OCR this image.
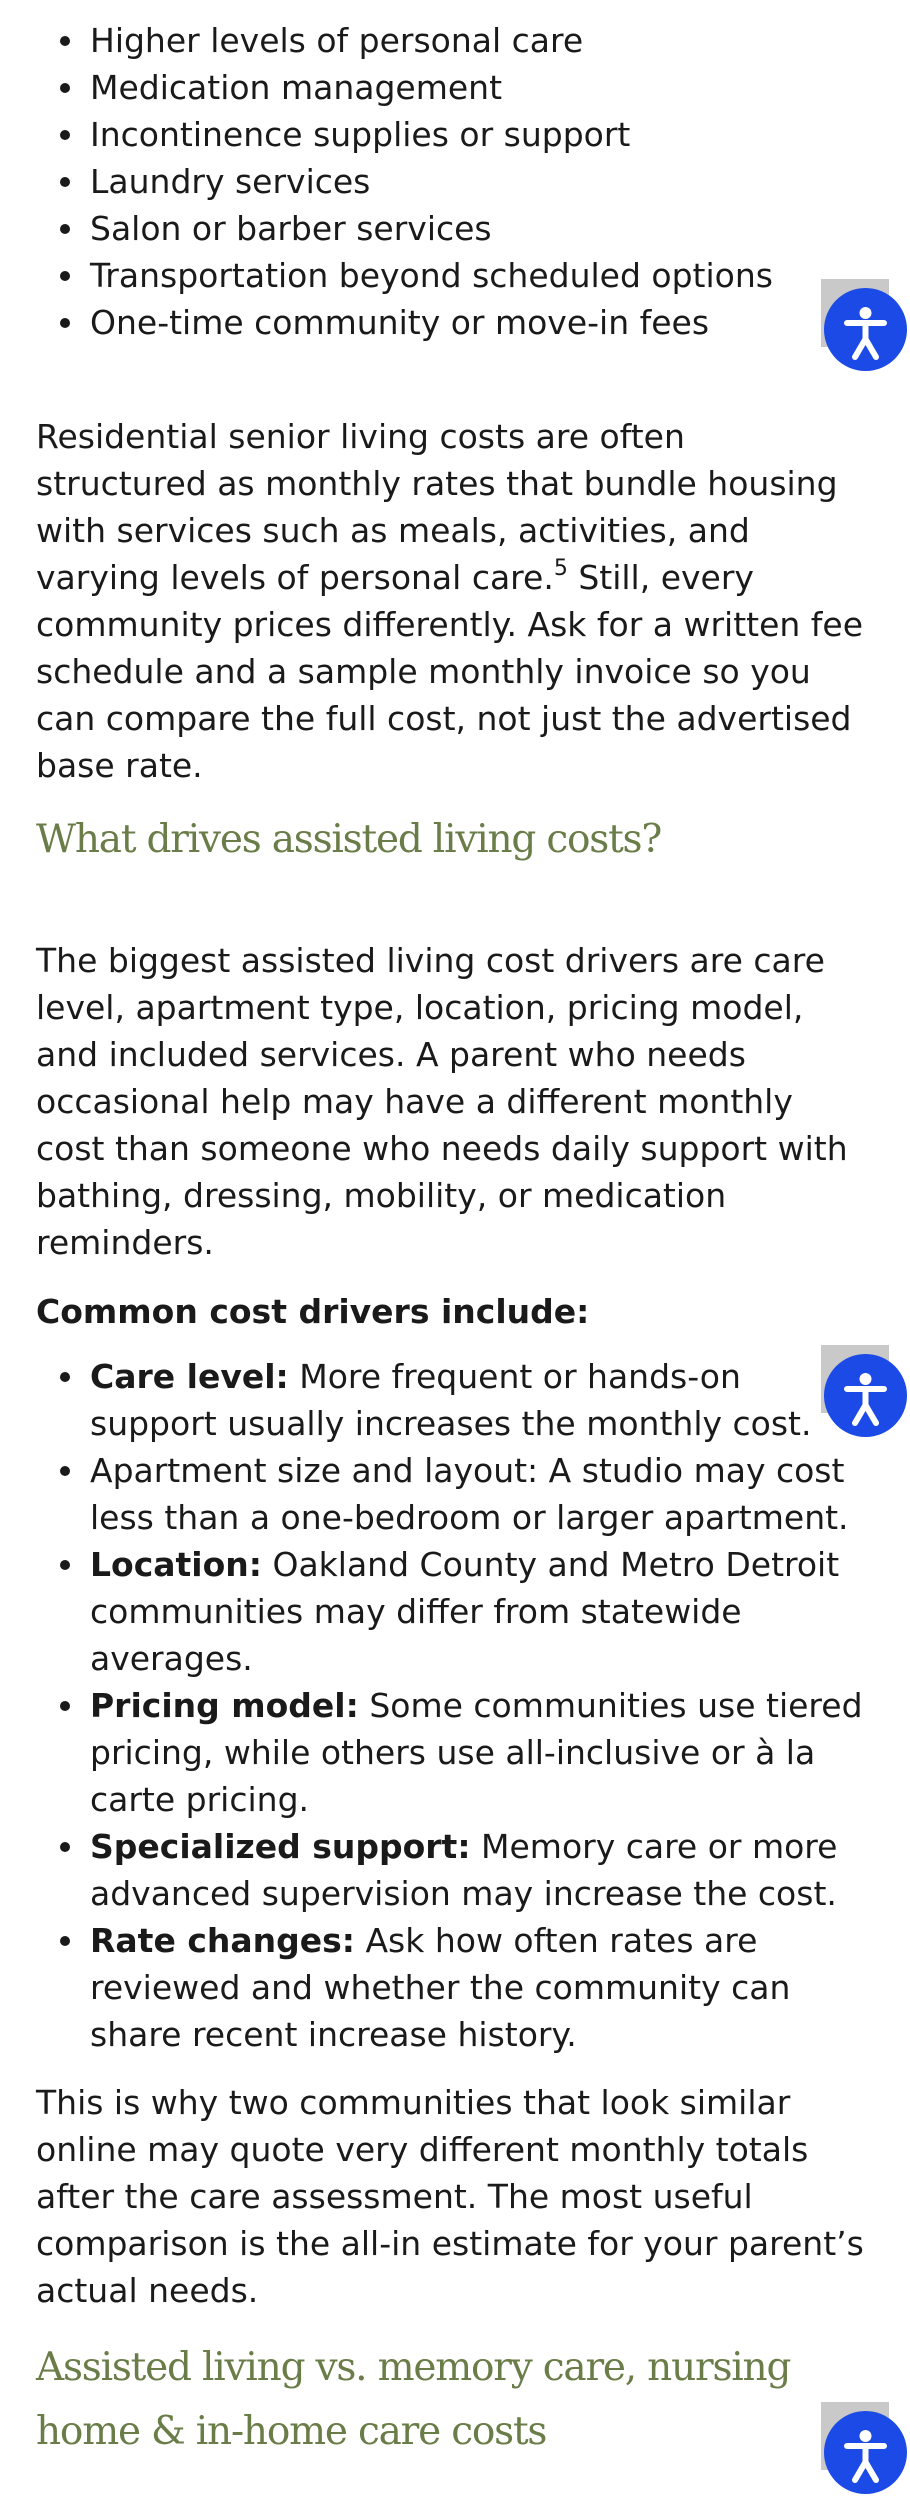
Higher levels of personal care
Medication management
Incontinence supplies or support
Laundry services
Salon or barber services
Transportation beyond scheduled options
One-time community or move-in fees

Residential senior living costs are often structured as monthly rates that bundle housing with services such as meals, activities, and varying levels of personal care.$^5$ Still, every community prices differently. Ask for a written fee schedule and a sample monthly invoice so you can compare the full cost, not just the advertised base rate.

What drives assisted living costs?

The biggest assisted living cost drivers are care level, apartment type, location, pricing model, and included services. A parent who needs occasional help may have a different monthly cost than someone who needs daily support with bathing, dressing, mobility, or medication reminders.

Common cost drivers include:

Care level: More frequent or hands-on support usually increases the monthly cost.
Apartment size and layout: A studio may cost less than a one-bedroom or larger apartment.
Location: Oakland County and Metro Detroit communities may differ from statewide averages.
Pricing model: Some communities use tiered pricing, while others use all-inclusive or à la carte pricing.
Specialized support: Memory care or more advanced supervision may increase the cost.
Rate changes: Ask how often rates are reviewed and whether the community can share recent increase history.

This is why two communities that look similar online may quote very different monthly totals after the care assessment. The most useful comparison is the all-in estimate for your parent’s actual needs.

Assisted living vs. memory care, nursing home & in-home care costs
